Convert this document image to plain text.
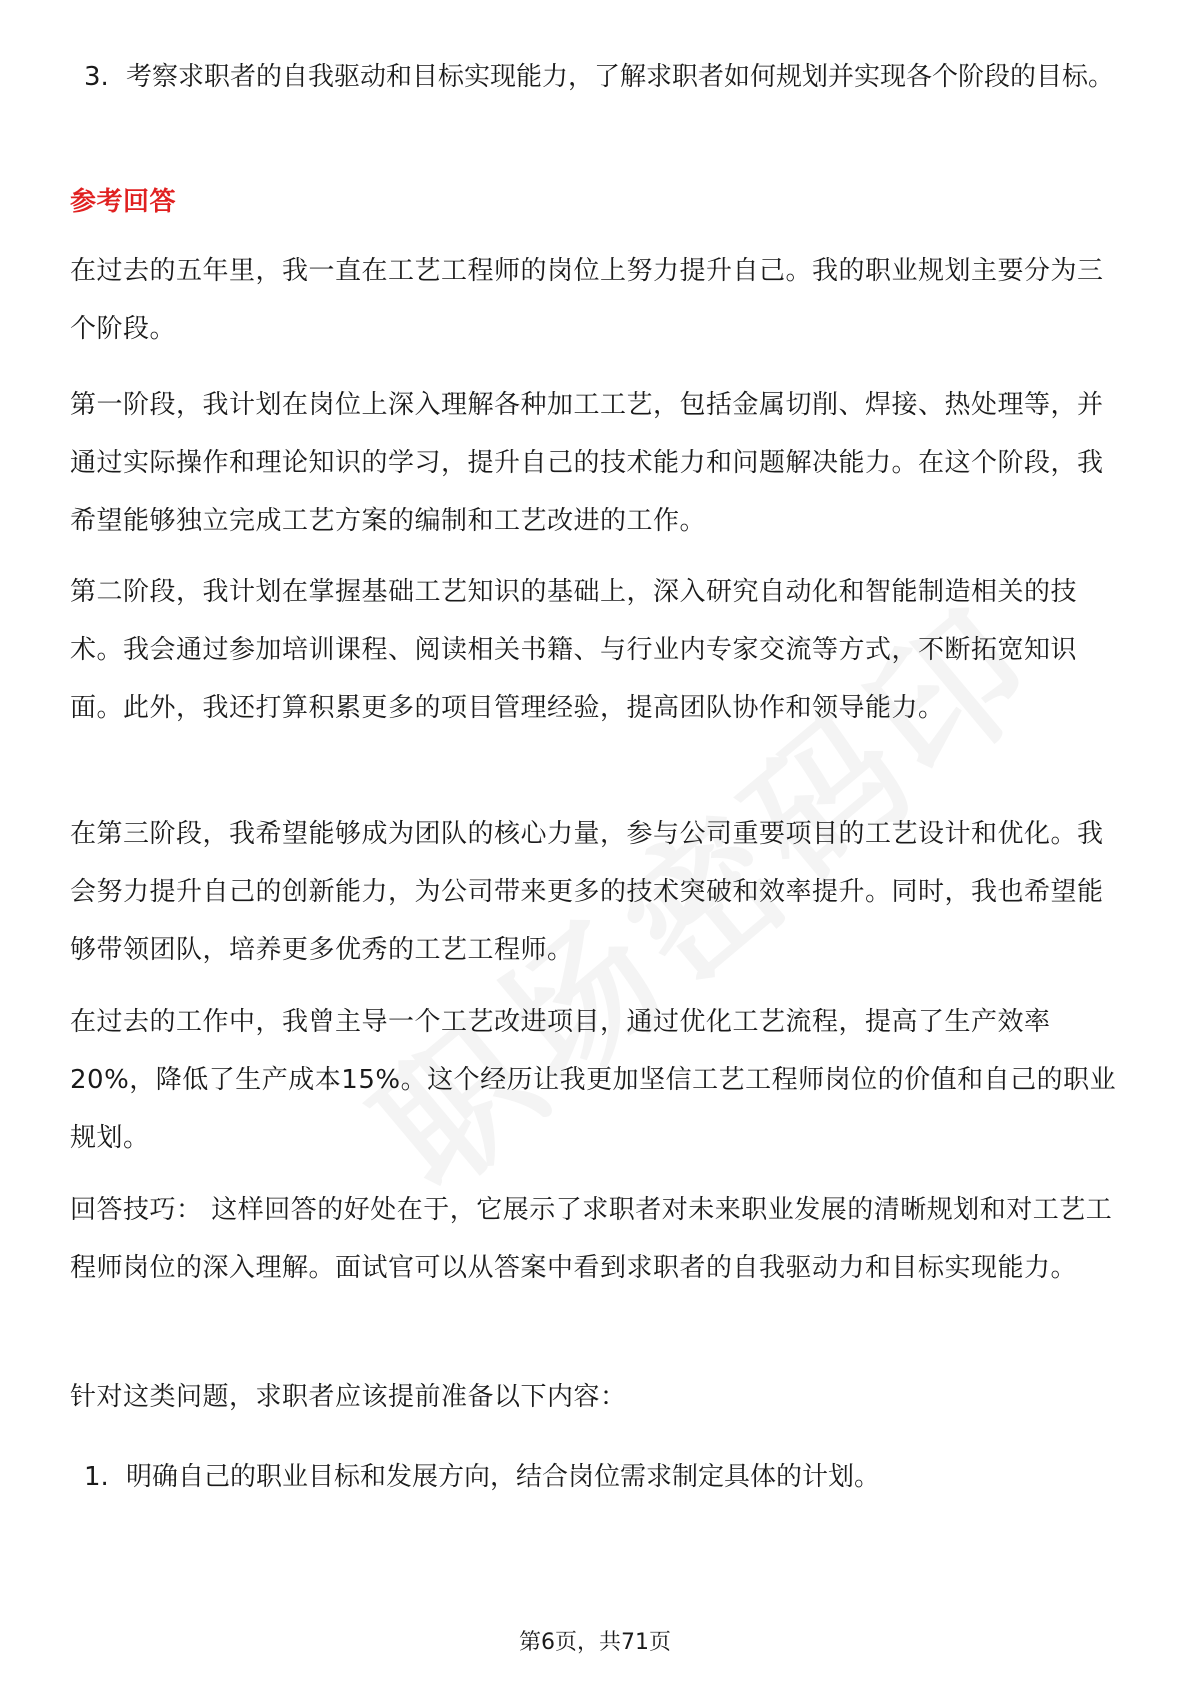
3. 考察求职者的自我驱动和目标实现能力，了解求职者如何规划并实现各个阶段的目标。
参考回答
在过去的五年里，我一直在工艺工程师的岗位上努力提升自己。我的职业规划主要分为三个阶段。
第一阶段，我计划在岗位上深入理解各种加工工艺，包括金属切削、焊接、热处理等，并通过实际操作和理论知识的学习，提升自己的技术能力和问题解决能力。在这个阶段，我希望能够独立完成工艺方案的编制和工艺改进的工作。
第二阶段，我计划在掌握基础工艺知识的基础上，深入研究自动化和智能制造相关的技术。我会通过参加培训课程、阅读相关书籍、与行业内专家交流等方式，不断拓宽知识面。此外，我还打算积累更多的项目管理经验，提高团队协作和领导能力。
在第三阶段，我希望能够成为团队的核心力量，参与公司重要项目的工艺设计和优化。我会努力提升自己的创新能力，为公司带来更多的技术突破和效率提升。同时，我也希望能够带领团队，培养更多优秀的工艺工程师。
在过去的工作中，我曾主导一个工艺改进项目，通过优化工艺流程，提高了生产效率20%，降低了生产成本15%。这个经历让我更加坚信工艺工程师岗位的价值和自己的职业规划。
回答技巧： 这样回答的好处在于，它展示了求职者对未来职业发展的清晰规划和对工艺工程师岗位的深入理解。面试官可以从答案中看到求职者的自我驱动力和目标实现能力。
针对这类问题，求职者应该提前准备以下内容：
1. 明确自己的职业目标和发展方向，结合岗位需求制定具体的计划。
第6页，共71页
